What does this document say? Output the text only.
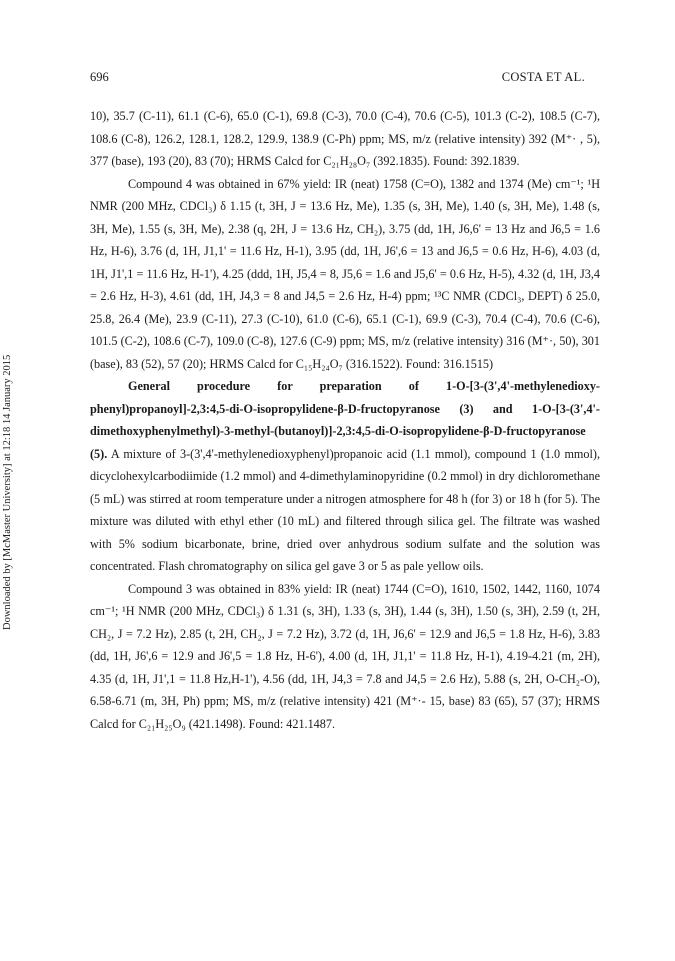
696	COSTA ET AL.
Downloaded by [McMaster University] at 12:18 14 January 2015

10), 35.7 (C-11), 61.1 (C-6), 65.0 (C-1), 69.8 (C-3), 70.0 (C-4), 70.6 (C-5), 101.3 (C-2), 108.5 (C-7), 108.6 (C-8), 126.2, 128.1, 128.2, 129.9, 138.9 (C-Ph) ppm; MS, m/z (relative intensity) 392 (M⁺· , 5), 377 (base), 193 (20), 83 (70); HRMS Calcd for C₂₁H₂₈O₇ (392.1835). Found: 392.1839.

Compound 4 was obtained in 67% yield: IR (neat) 1758 (C=O), 1382 and 1374 (Me) cm⁻¹; ¹H NMR (200 MHz, CDCl₃) δ 1.15 (t, 3H, J = 13.6 Hz, Me), 1.35 (s, 3H, Me), 1.40 (s, 3H, Me), 1.48 (s, 3H, Me), 1.55 (s, 3H, Me), 2.38 (q, 2H, J = 13.6 Hz, CH₂), 3.75 (dd, 1H, J6,6' = 13 Hz and J6,5 = 1.6 Hz, H-6), 3.76 (d, 1H, J1,1' = 11.6 Hz, H-1), 3.95 (dd, 1H, J6',6 = 13 and J6,5 = 0.6 Hz, H-6), 4.03 (d, 1H, J1',1 = 11.6 Hz, H-1'), 4.25 (ddd, 1H, J5,4 = 8, J5,6 = 1.6 and J5,6' = 0.6 Hz, H-5), 4.32 (d, 1H, J3,4 = 2.6 Hz, H-3), 4.61 (dd, 1H, J4,3 = 8 and J4,5 = 2.6 Hz, H-4) ppm; ¹³C NMR (CDCl₃, DEPT) δ 25.0, 25.8, 26.4 (Me), 23.9 (C-11), 27.3 (C-10), 61.0 (C-6), 65.1 (C-1), 69.9 (C-3), 70.4 (C-4), 70.6 (C-6), 101.5 (C-2), 108.6 (C-7), 109.0 (C-8), 127.6 (C-9) ppm; MS, m/z (relative intensity) 316 (M⁺·, 50), 301 (base), 83 (52), 57 (20); HRMS Calcd for C₁₅H₂₄O₇ (316.1522). Found: 316.1515)

General procedure for preparation of 1-O-[3-(3',4'-methylenedioxy-phenyl)propanoyl]-2,3:4,5-di-O-isopropylidene-β-D-fructopyranose (3) and 1-O-[3-(3',4'-dimethoxyphenylmethyl)-3-methyl-(butanoyl)]-2,3:4,5-di-O-isopropylidene-β-D-fructopyranose (5). A mixture of 3-(3',4'-methylenedioxyphenyl)propanoic acid (1.1 mmol), compound 1 (1.0 mmol), dicyclohexylcarbodiimide (1.2 mmol) and 4-dimethylaminopyridine (0.2 mmol) in dry dichloromethane (5 mL) was stirred at room temperature under a nitrogen atmosphere for 48 h (for 3) or 18 h (for 5). The mixture was diluted with ethyl ether (10 mL) and filtered through silica gel. The filtrate was washed with 5% sodium bicarbonate, brine, dried over anhydrous sodium sulfate and the solution was concentrated. Flash chromatography on silica gel gave 3 or 5 as pale yellow oils.

Compound 3 was obtained in 83% yield: IR (neat) 1744 (C=O), 1610, 1502, 1442, 1160, 1074 cm⁻¹; ¹H NMR (200 MHz, CDCl₃) δ 1.31 (s, 3H), 1.33 (s, 3H), 1.44 (s, 3H), 1.50 (s, 3H), 2.59 (t, 2H, CH₂, J = 7.2 Hz), 2.85 (t, 2H, CH₂, J = 7.2 Hz), 3.72 (d, 1H, J6,6' = 12.9 and J6,5 = 1.8 Hz, H-6), 3.83 (dd, 1H, J6',6 = 12.9 and J6',5 = 1.8 Hz, H-6'), 4.00 (d, 1H, J1,1' = 11.8 Hz, H-1), 4.19-4.21 (m, 2H), 4.35 (d, 1H, J1',1 = 11.8 Hz,H-1'), 4.56 (dd, 1H, J4,3 = 7.8 and J4,5 = 2.6 Hz), 5.88 (s, 2H, O-CH₂-O), 6.58-6.71 (m, 3H, Ph) ppm; MS, m/z (relative intensity) 421 (M⁺·- 15, base) 83 (65), 57 (37); HRMS Calcd for C₂₁H₂₅O₉ (421.1498). Found: 421.1487.
